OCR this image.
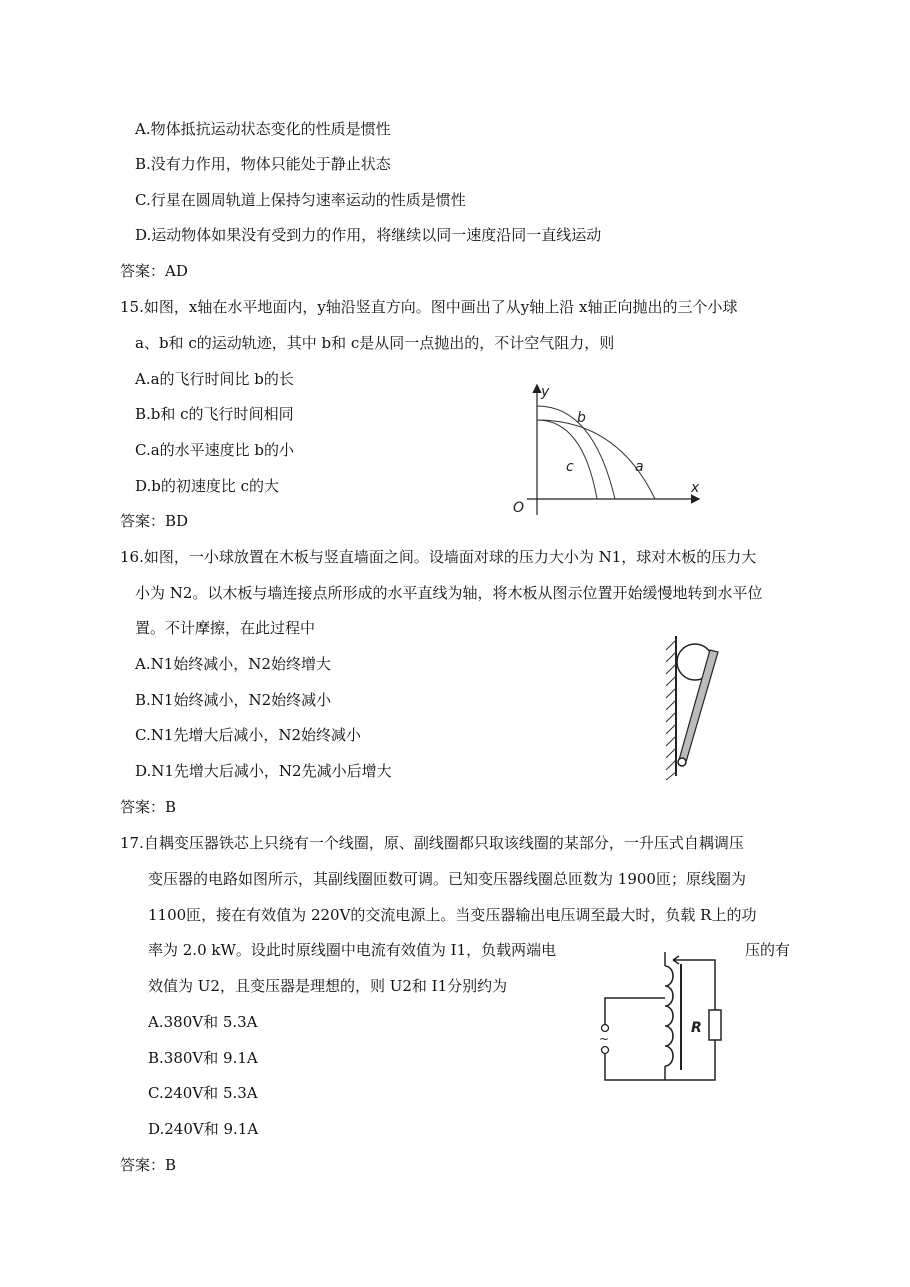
A.物体抵抗运动状态变化的性质是惯性
B.没有力作用，物体只能处于静止状态
C.行星在圆周轨道上保持匀速率运动的性质是惯性
D.运动物体如果没有受到力的作用，将继续以同一速度沿同一直线运动
答案：AD
15.如图，x轴在水平地面内，y轴沿竖直方向。图中画出了从y轴上沿 x轴正向抛出的三个小球
a、b和 c的运动轨迹，其中 b和 c是从同一点抛出的，不计空气阻力，则
A.a的飞行时间比 b的长
B.b和 c的飞行时间相同
C.a的水平速度比 b的小
D.b的初速度比 c的大
答案：BD
y
x
O
b
c	a
16.如图，一小球放置在木板与竖直墙面之间。设墙面对球的压力大小为 N1，球对木板的压力大
小为 N2。以木板与墙连接点所形成的水平直线为轴，将木板从图示位置开始缓慢地转到水平位
置。不计摩擦，在此过程中
A.N1始终减小，N2始终增大
B.N1始终减小，N2始终减小
C.N1先增大后减小，N2始终减小
D.N1先增大后减小，N2先减小后增大
答案：B
17.自耦变压器铁芯上只绕有一个线圈，原、副线圈都只取该线圈的某部分，一升压式自耦调压
变压器的电路如图所示，其副线圈匝数可调。已知变压器线圈总匝数为 1900匝；原线圈为
1100匝，接在有效值为 220V的交流电源上。当变压器输出电压调至最大时，负载 R上的功
率为 2.0 kW。设此时原线圈中电流有效值为 I1，负载两端电	压的有
效值为 U2，且变压器是理想的，则 U2和 I1分别约为
A.380V和 5.3A
B.380V和 9.1A
C.240V和 5.3A
D.240V和 9.1A
答案：B
R
~
